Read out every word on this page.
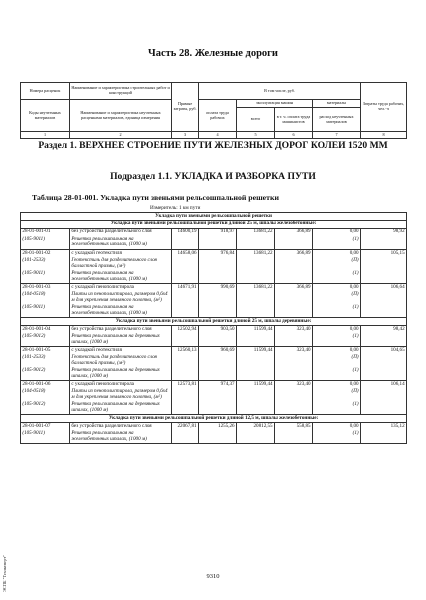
Часть 28. Железные дороги
Номера расценок	Наименование и характеристика строительных работ и конструкций	Прямые затраты, руб.	В том числе, руб.				Затраты труда рабочих, чел.-ч
Коды неучтенных материалов	Наименование и характеристика неучтенных расценками материалов, единица измерения		оплата труда рабочих	эксплуатация машин		материалы	
				всего	в т. ч. оплата труда машинистов	расход неучтенных материалов	

1	2	3	4	5	6	7	8
Раздел 1. ВЕРХНЕЕ СТРОЕНИЕ ПУТИ ЖЕЛЕЗНЫХ ДОРОГ КОЛЕИ 1520 ММ
Подраздел 1.1. УКЛАДКА И РАЗБОРКА ПУТИ
Таблица 28-01-001. Укладка пути звеньями рельсошпальной решетки
Измеритель: 1 км пути
Укладка пути звеньями рельсошпальной решетки							
Укладка пути звеньями рельсошпальной решетки длиной 25 м, шпалы железобетонные:							
28-01-001-01	без устройства разделительного слоя	14600,19	918,97	13681,22	366,89	0,00	98,92
(105-9011)	Решетка рельсошпальная на железобетонных шпалах, (1000 м)					(1)	
28-01-001-02	с укладкой геотекстиля	14658,06	976,84	13681,22	366,89	0,00	105,15
(101-2533)	Геотекстиль для разделительного слоя балластной призмы, (м²)					(П)	
(105-9011)	Решетка рельсошпальная на железобетонных шпалах, (1000 м)					(1)	
28-01-001-03	с укладкой пенополистирола	14671,91	990,69	13681,22	366,89	0,00	106,64
(104-0518)	Плиты из пенополистирола, размером 0,6х4 м для укрепления земляного полотна, (м²)					(П)	
(105-9011)	Решетка рельсошпальная на железобетонных шпалах, (1000 м)					(1)	
Укладка пути звеньями рельсошпальной решетки длиной 25 м, шпалы деревянные:							
28-01-001-04	без устройства разделительного слоя	12502,94	903,50	11599,44	323,40	0,00	98,42
(105-9012)	Решетка рельсошпальная на деревянных шпалах, (1000 м)					(1)	
28-01-001-05	с укладкой геотекстиля	12560,13	960,69	11599,44	323,40	0,00	104,65
(101-2533)	Геотекстиль для разделительного слоя балластной призмы, (м²)					(П)	
(105-9012)	Решетка рельсошпальная на деревянных шпалах, (1000 м)					(1)	
28-01-001-06	с укладкой пенополистирола	12573,81	974,37	11599,44	323,40	0,00	106,14
(104-0518)	Плиты из пенополистирола, размером 0,6х4 м для укрепления земляного полотна, (м²)					(П)	
(105-9012)	Решетка рельсошпальная на деревянных шпалах, (1000 м)					(1)	
Укладка пути звеньями рельсошпальной решетки длиной 12,5 м, шпалы железобетонные:							
28-01-001-07	без устройства разделительного слоя	22067,81	1255,26	20812,55	558,85	0,00	135,12
(105-9011)	Решетка рельсошпальная на железобетонных шпалах, (1000 м)					(1)	
ЭСПБ "Техэксперт"	9310
